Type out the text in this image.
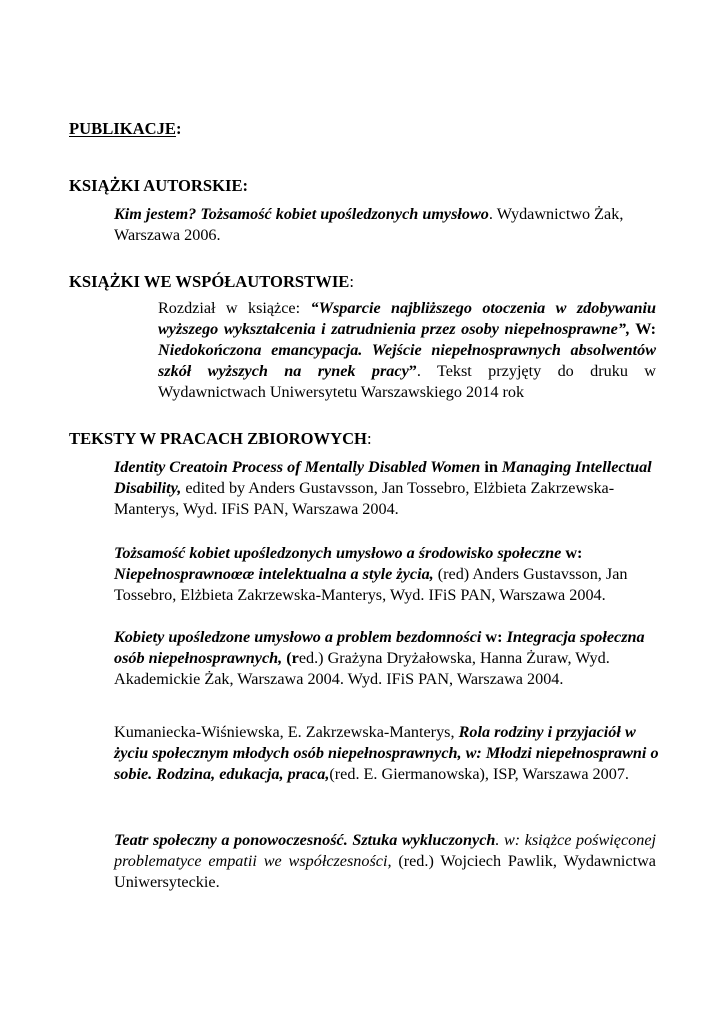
PUBLIKACJE:
KSIĄŻKI AUTORSKIE:

Kim jestem? Tożsamość kobiet upośledzonych umysłowo. Wydawnictwo Żak, Warszawa 2006.

KSIĄŻKI WE WSPÓŁAUTORSTWIE:

Rozdział w książce: “Wsparcie najbliższego otoczenia w zdobywaniu wyższego wykształcenia i zatrudnienia przez osoby niepełnosprawne”, W: Niedokończona emancypacja. Wejście niepełnosprawnych absolwentów szkół wyższych na rynek pracy”. Tekst przyjęty do druku w Wydawnictwach Uniwersytetu Warszawskiego 2014 rok

TEKSTY W PRACACH ZBIOROWYCH:

Identity Creatoin Process of Mentally Disabled Women in Managing Intellectual Disability, edited by Anders Gustavsson, Jan Tossebro, Elżbieta Zakrzewska-Manterys, Wyd. IFiS PAN, Warszawa 2004.

Tożsamość kobiet upośledzonych umysłowo a środowisko społeczne w: Niepełnosprawnoœæ intelektualna a style życia, (red) Anders Gustavsson, Jan Tossebro, Elżbieta Zakrzewska-Manterys, Wyd. IFiS PAN, Warszawa 2004.

Kobiety upośledzone umysłowo a problem bezdomności w: Integracja społeczna osób niepełnosprawnych, (red.) Grażyna Dryżałowska, Hanna Żuraw, Wyd. Akademickie Żak, Warszawa 2004. Wyd. IFiS PAN, Warszawa 2004.

Kumaniecka-Wiśniewska, E. Zakrzewska-Manterys, Rola rodziny i przyjaciół w życiu społecznym młodych osób niepełnosprawnych, w: Młodzi niepełnosprawni o sobie. Rodzina, edukacja, praca,(red. E. Giermanowska), ISP, Warszawa 2007.

Teatr społeczny a ponowoczesność. Sztuka wykluczonych. w: książce poświęconej problematyce empatii we współczesności, (red.) Wojciech Pawlik, Wydawnictwa Uniwersyteckie.
